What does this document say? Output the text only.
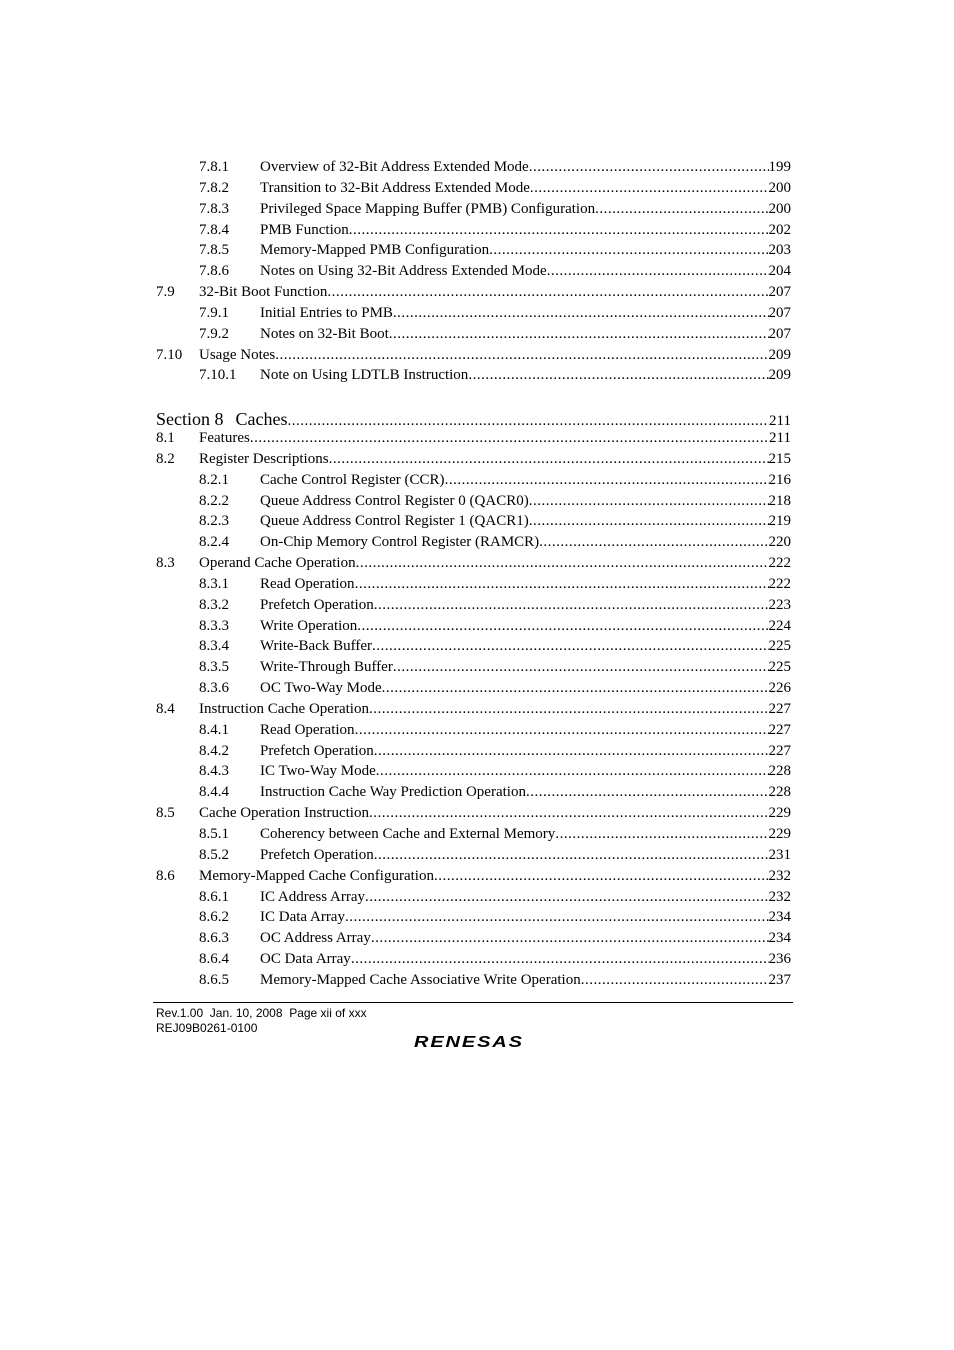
7.8.1 Overview of 32-Bit Address Extended Mode .....	199
7.8.2 Transition to 32-Bit Address Extended Mode .....	200
7.8.3 Privileged Space Mapping Buffer (PMB) Configuration .....	200
7.8.4 PMB Function .....	202
7.8.5 Memory-Mapped PMB Configuration .....	203
7.8.6 Notes on Using 32-Bit Address Extended Mode .....	204
7.9 32-Bit Boot Function .....	207
7.9.1 Initial Entries to PMB .....	207
7.9.2 Notes on 32-Bit Boot .....	207
7.10 Usage Notes .....	209
7.10.1 Note on Using LDTLB Instruction .....	209
Section 8 Caches .....	211
8.1 Features .....	211
8.2 Register Descriptions .....	215
8.2.1 Cache Control Register (CCR) .....	216
8.2.2 Queue Address Control Register 0 (QACR0) .....	218
8.2.3 Queue Address Control Register 1 (QACR1) .....	219
8.2.4 On-Chip Memory Control Register (RAMCR) .....	220
8.3 Operand Cache Operation .....	222
8.3.1 Read Operation .....	222
8.3.2 Prefetch Operation .....	223
8.3.3 Write Operation .....	224
8.3.4 Write-Back Buffer .....	225
8.3.5 Write-Through Buffer .....	225
8.3.6 OC Two-Way Mode .....	226
8.4 Instruction Cache Operation .....	227
8.4.1 Read Operation .....	227
8.4.2 Prefetch Operation .....	227
8.4.3 IC Two-Way Mode .....	228
8.4.4 Instruction Cache Way Prediction Operation .....	228
8.5 Cache Operation Instruction .....	229
8.5.1 Coherency between Cache and External Memory .....	229
8.5.2 Prefetch Operation .....	231
8.6 Memory-Mapped Cache Configuration .....	232
8.6.1 IC Address Array .....	232
8.6.2 IC Data Array .....	234
8.6.3 OC Address Array .....	234
8.6.4 OC Data Array .....	236
8.6.5 Memory-Mapped Cache Associative Write Operation .....	237
Rev.1.00  Jan. 10, 2008  Page xii of xxx
REJ09B0261-0100
RENESAS
